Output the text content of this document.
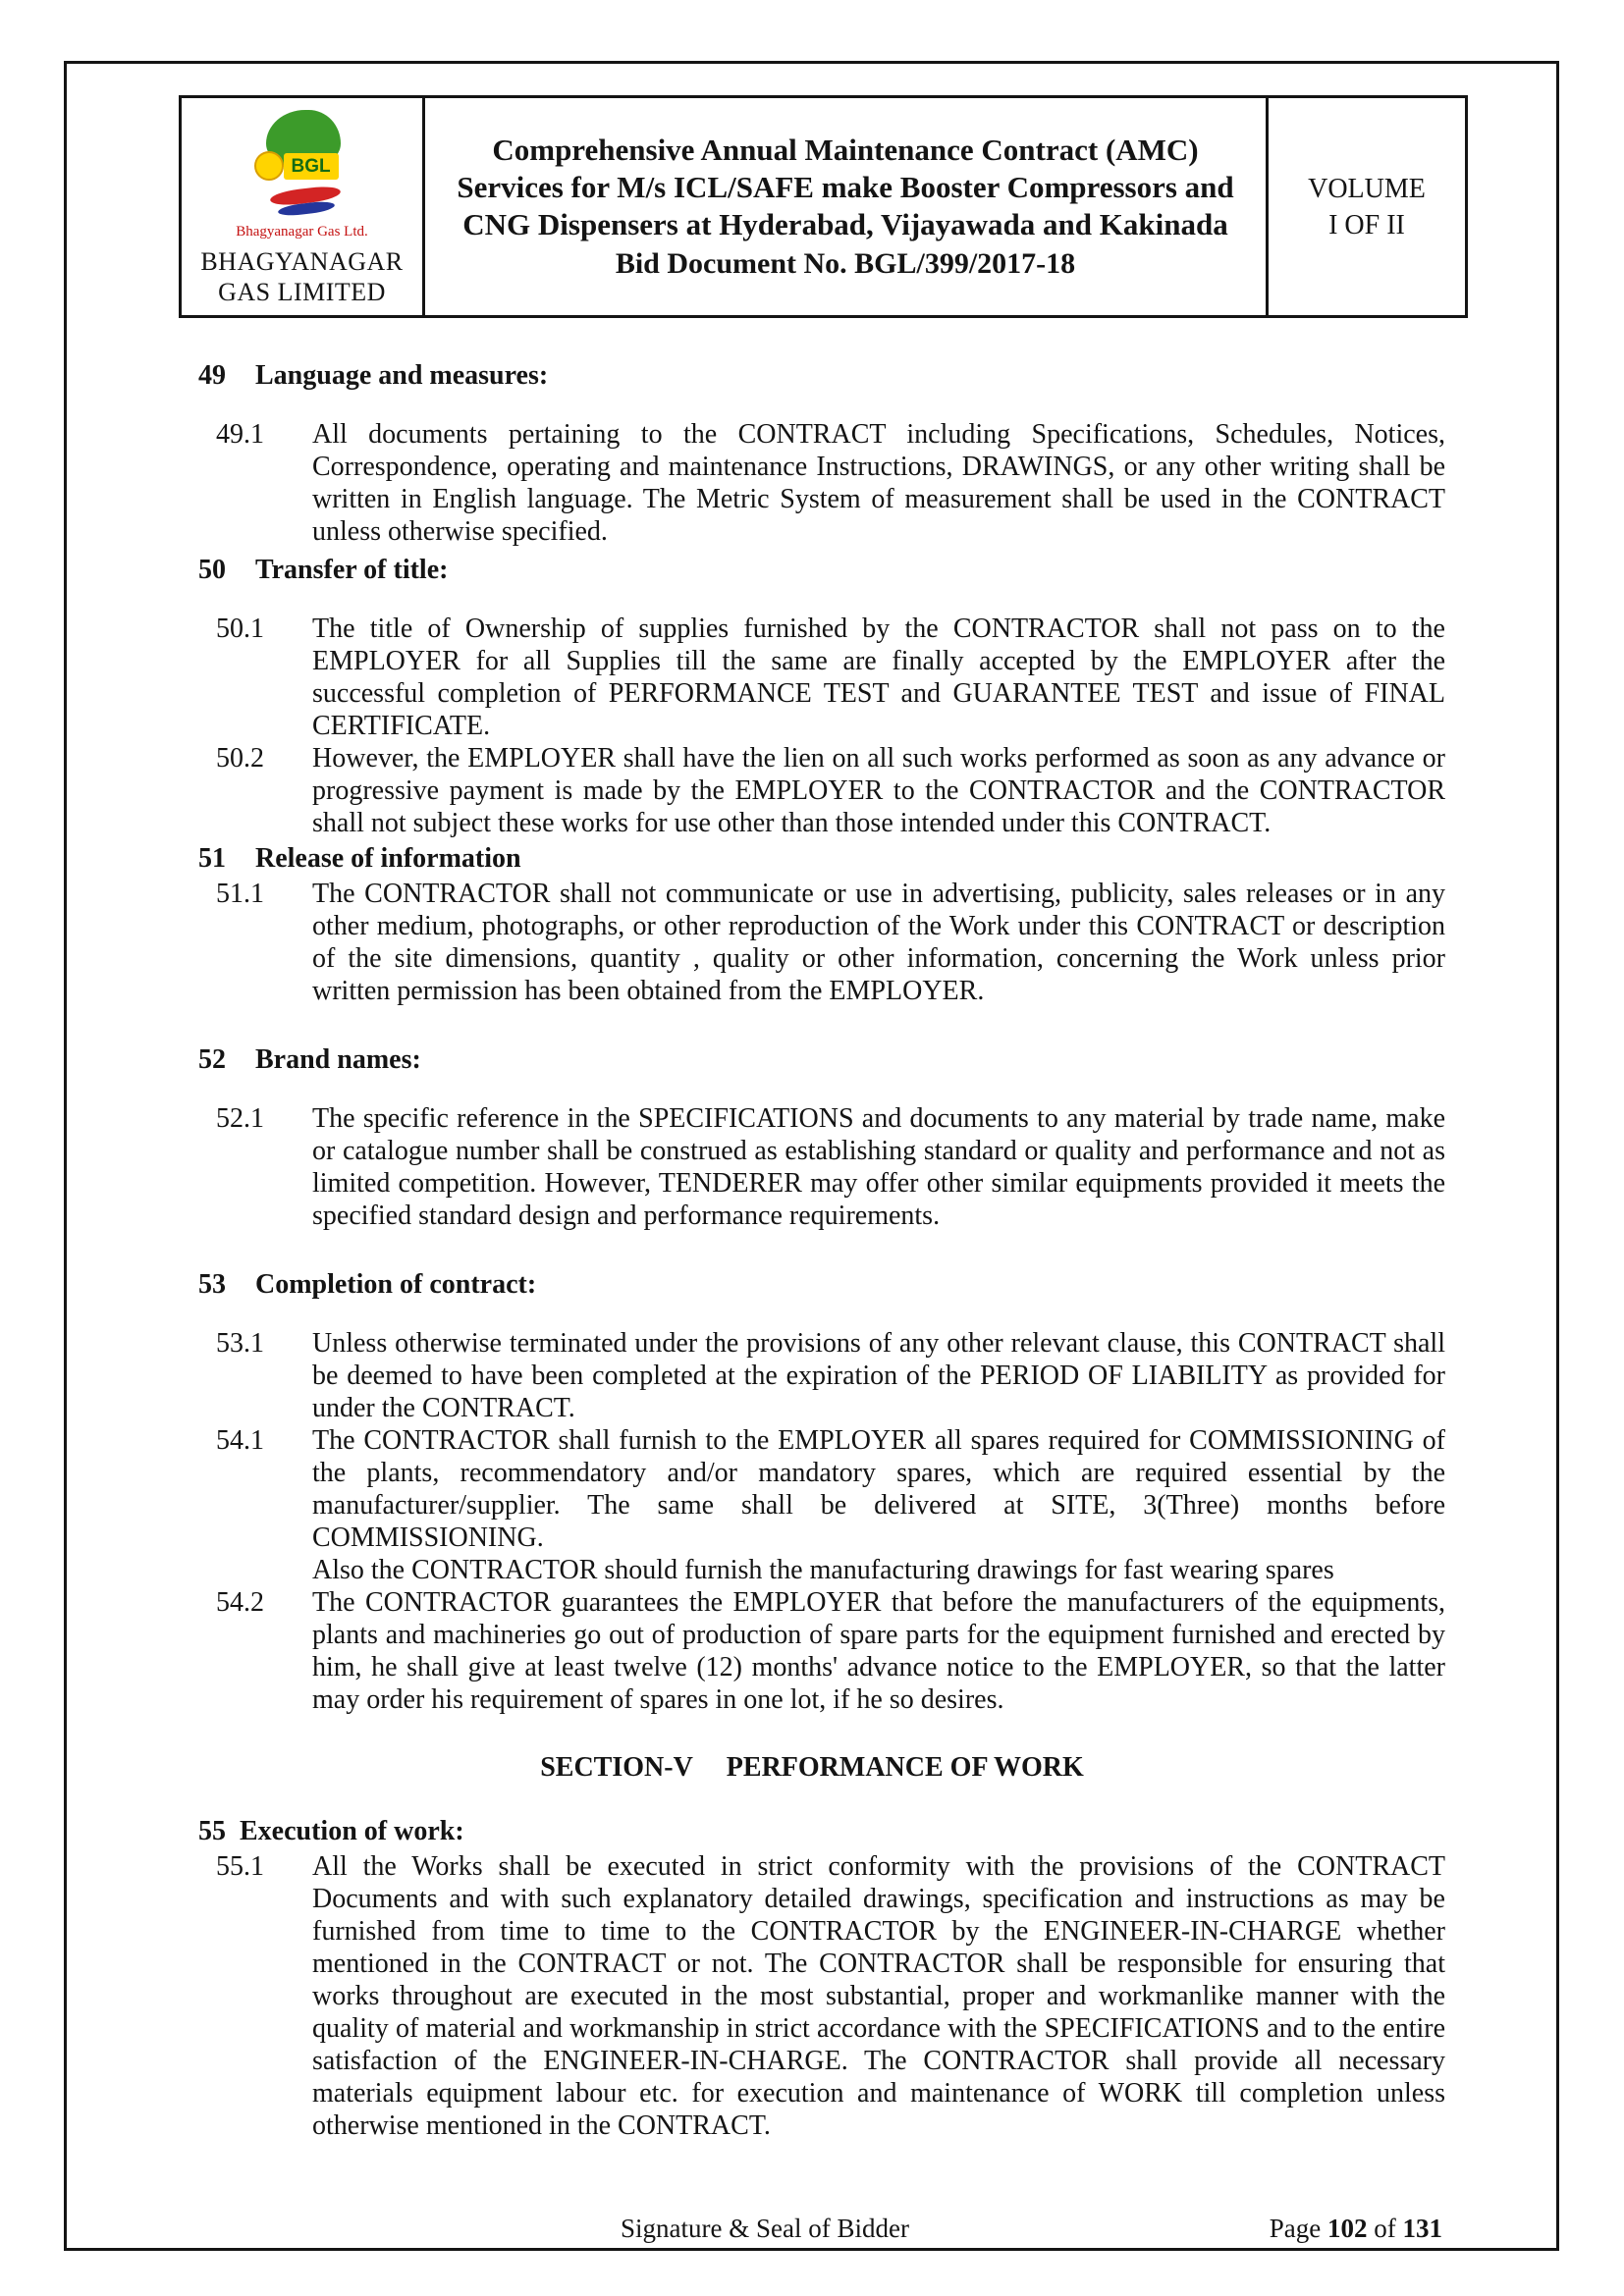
BGL
Bhagyanagar Gas Ltd.
BHAGYANAGAR
GAS LIMITED

Comprehensive Annual Maintenance Contract (AMC) Services for M/s ICL/SAFE make Booster Compressors and CNG Dispensers at Hyderabad, Vijayawada and Kakinada
Bid Document No. BGL/399/2017-18

VOLUME
I OF II
49	Language and measures:
49.1	All documents pertaining to the CONTRACT including Specifications, Schedules, Notices, Correspondence, operating and maintenance Instructions, DRAWINGS, or any other writing shall be written in English language. The Metric System of measurement shall be used in the CONTRACT unless otherwise specified.
50	Transfer of title:
50.1	The title of Ownership of supplies furnished by the CONTRACTOR shall not pass on to the EMPLOYER for all Supplies till the same are finally accepted by the EMPLOYER after the successful completion of PERFORMANCE TEST and GUARANTEE TEST and issue of FINAL CERTIFICATE.
50.2	However, the EMPLOYER shall have the lien on all such works performed as soon as any advance or progressive payment is made by the EMPLOYER to the CONTRACTOR and the CONTRACTOR shall not subject these works for use other than those intended under this CONTRACT.
51	Release of information
51.1	The CONTRACTOR shall not communicate or use in advertising, publicity, sales releases or in any other medium, photographs, or other reproduction of the Work under this CONTRACT or description of the site dimensions, quantity , quality or other information, concerning the Work unless prior written permission has been obtained from the EMPLOYER.
52	Brand names:
52.1	The specific reference in the SPECIFICATIONS and documents to any material by trade name, make or catalogue number shall be construed as establishing standard or quality and performance and not as limited competition. However, TENDERER may offer other similar equipments provided it meets the specified standard design and performance requirements.
53	Completion of contract:
53.1	Unless otherwise terminated under the provisions of any other relevant clause, this CONTRACT shall be deemed to have been completed at the expiration of the PERIOD OF LIABILITY as provided for under the CONTRACT.
54.1	The CONTRACTOR shall furnish to the EMPLOYER all spares required for COMMISSIONING of the plants, recommendatory and/or mandatory spares, which are required essential by the manufacturer/supplier. The same shall be delivered at SITE, 3(Three) months before COMMISSIONING.
Also the CONTRACTOR should furnish the manufacturing drawings for fast wearing spares
54.2	The CONTRACTOR guarantees the EMPLOYER that before the manufacturers of the equipments, plants and machineries go out of production of spare parts for the equipment furnished and erected by him, he shall give at least twelve (12) months' advance notice to the EMPLOYER, so that the latter may order his requirement of spares in one lot, if he so desires.
SECTION-V PERFORMANCE OF WORK
55 Execution of work:
55.1	All the Works shall be executed in strict conformity with the provisions of the CONTRACT Documents and with such explanatory detailed drawings, specification and instructions as may be furnished from time to time to the CONTRACTOR by the ENGINEER-IN-CHARGE whether mentioned in the CONTRACT or not. The CONTRACTOR shall be responsible for ensuring that works throughout are executed in the most substantial, proper and workmanlike manner with the quality of material and workmanship in strict accordance with the SPECIFICATIONS and to the entire satisfaction of the ENGINEER-IN-CHARGE. The CONTRACTOR shall provide all necessary materials equipment labour etc. for execution and maintenance of WORK till completion unless otherwise mentioned in the CONTRACT.
Signature & Seal of Bidder	Page 102 of 131
